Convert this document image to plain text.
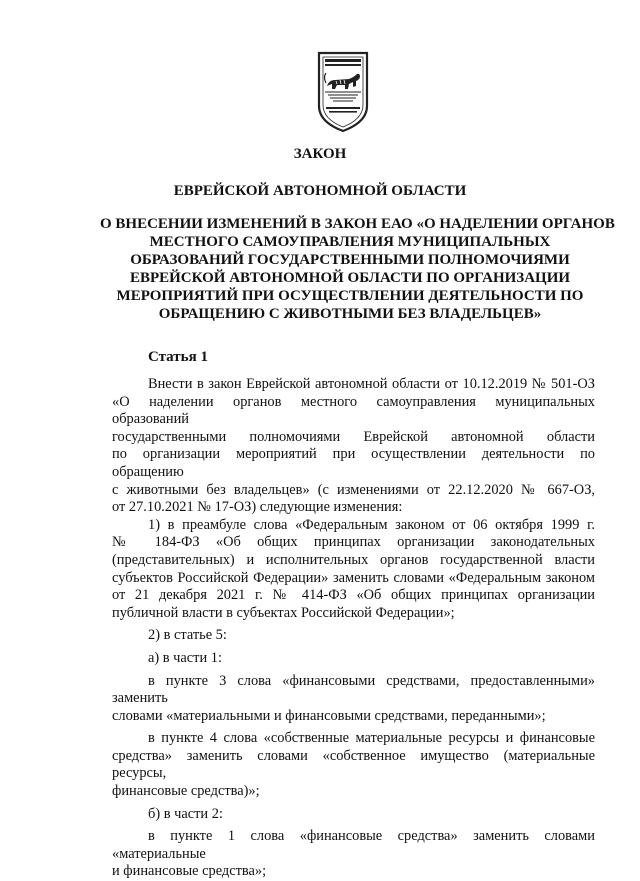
ЗАКОН
ЕВРЕЙСКОЙ АВТОНОМНОЙ ОБЛАСТИ
О ВНЕСЕНИИ ИЗМЕНЕНИЙ В ЗАКОН ЕАО «О НАДЕЛЕНИИ ОРГАНОВ
МЕСТНОГО САМОУПРАВЛЕНИЯ МУНИЦИПАЛЬНЫХ
ОБРАЗОВАНИЙ ГОСУДАРСТВЕННЫМИ ПОЛНОМОЧИЯМИ
ЕВРЕЙСКОЙ АВТОНОМНОЙ ОБЛАСТИ ПО ОРГАНИЗАЦИИ
МЕРОПРИЯТИЙ ПРИ ОСУЩЕСТВЛЕНИИ ДЕЯТЕЛЬНОСТИ ПО
ОБРАЩЕНИЮ С ЖИВОТНЫМИ БЕЗ ВЛАДЕЛЬЦЕВ»
Статья 1

Внести в закон Еврейской автономной области от 10.12.2019 № 501-ОЗ

«О наделении органов местного самоуправления муниципальных образований

государственными полномочиями Еврейской автономной области

по организации мероприятий при осуществлении деятельности по обращению

с животными без владельцев» (с изменениями от 22.12.2020 № 667-ОЗ,

от 27.10.2021 № 17-ОЗ) следующие изменения:

1) в преамбуле слова «Федеральным законом от 06 октября 1999 г.

№ 184-ФЗ «Об общих принципах организации законодательных

(представительных) и исполнительных органов государственной власти

субъектов Российской Федерации» заменить словами «Федеральным законом

от 21 декабря 2021 г. № 414-ФЗ «Об общих принципах организации

публичной власти в субъектах Российской Федерации»;

2) в статье 5:

а) в части 1:

в пункте 3 слова «финансовыми средствами, предоставленными» заменить

словами «материальными и финансовыми средствами, переданными»;

в пункте 4 слова «собственные материальные ресурсы и финансовые

средства» заменить словами «собственное имущество (материальные ресурсы,

финансовые средства)»;

б) в части 2:

в пункте 1 слова «финансовые средства» заменить словами «материальные

и финансовые средства»;
